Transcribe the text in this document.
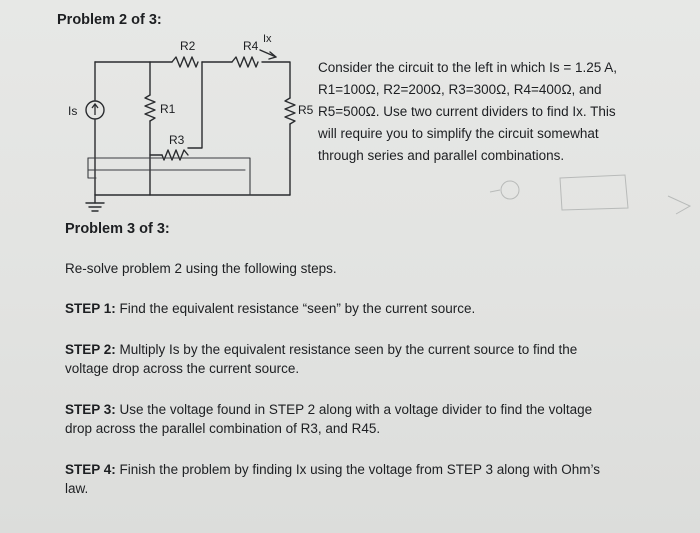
Problem 2 of 3:
R2	R4 Ix
R5
Is	R1
R3
Consider the circuit to the left in which Is = 1.25 A,
R1=100Ω, R2=200Ω, R3=300Ω, R4=400Ω, and
R5=500Ω. Use two current dividers to find Ix. This
will require you to simplify the circuit somewhat
through series and parallel combinations.
Problem 3 of 3:
Re-solve problem 2 using the following steps.
STEP 1: Find the equivalent resistance “seen” by the current source.
STEP 2: Multiply Is by the equivalent resistance seen by the current source to find the
voltage drop across the current source.
STEP 3: Use the voltage found in STEP 2 along with a voltage divider to find the voltage
drop across the parallel combination of R3, and R45.
STEP 4: Finish the problem by finding Ix using the voltage from STEP 3 along with Ohm’s
law.
